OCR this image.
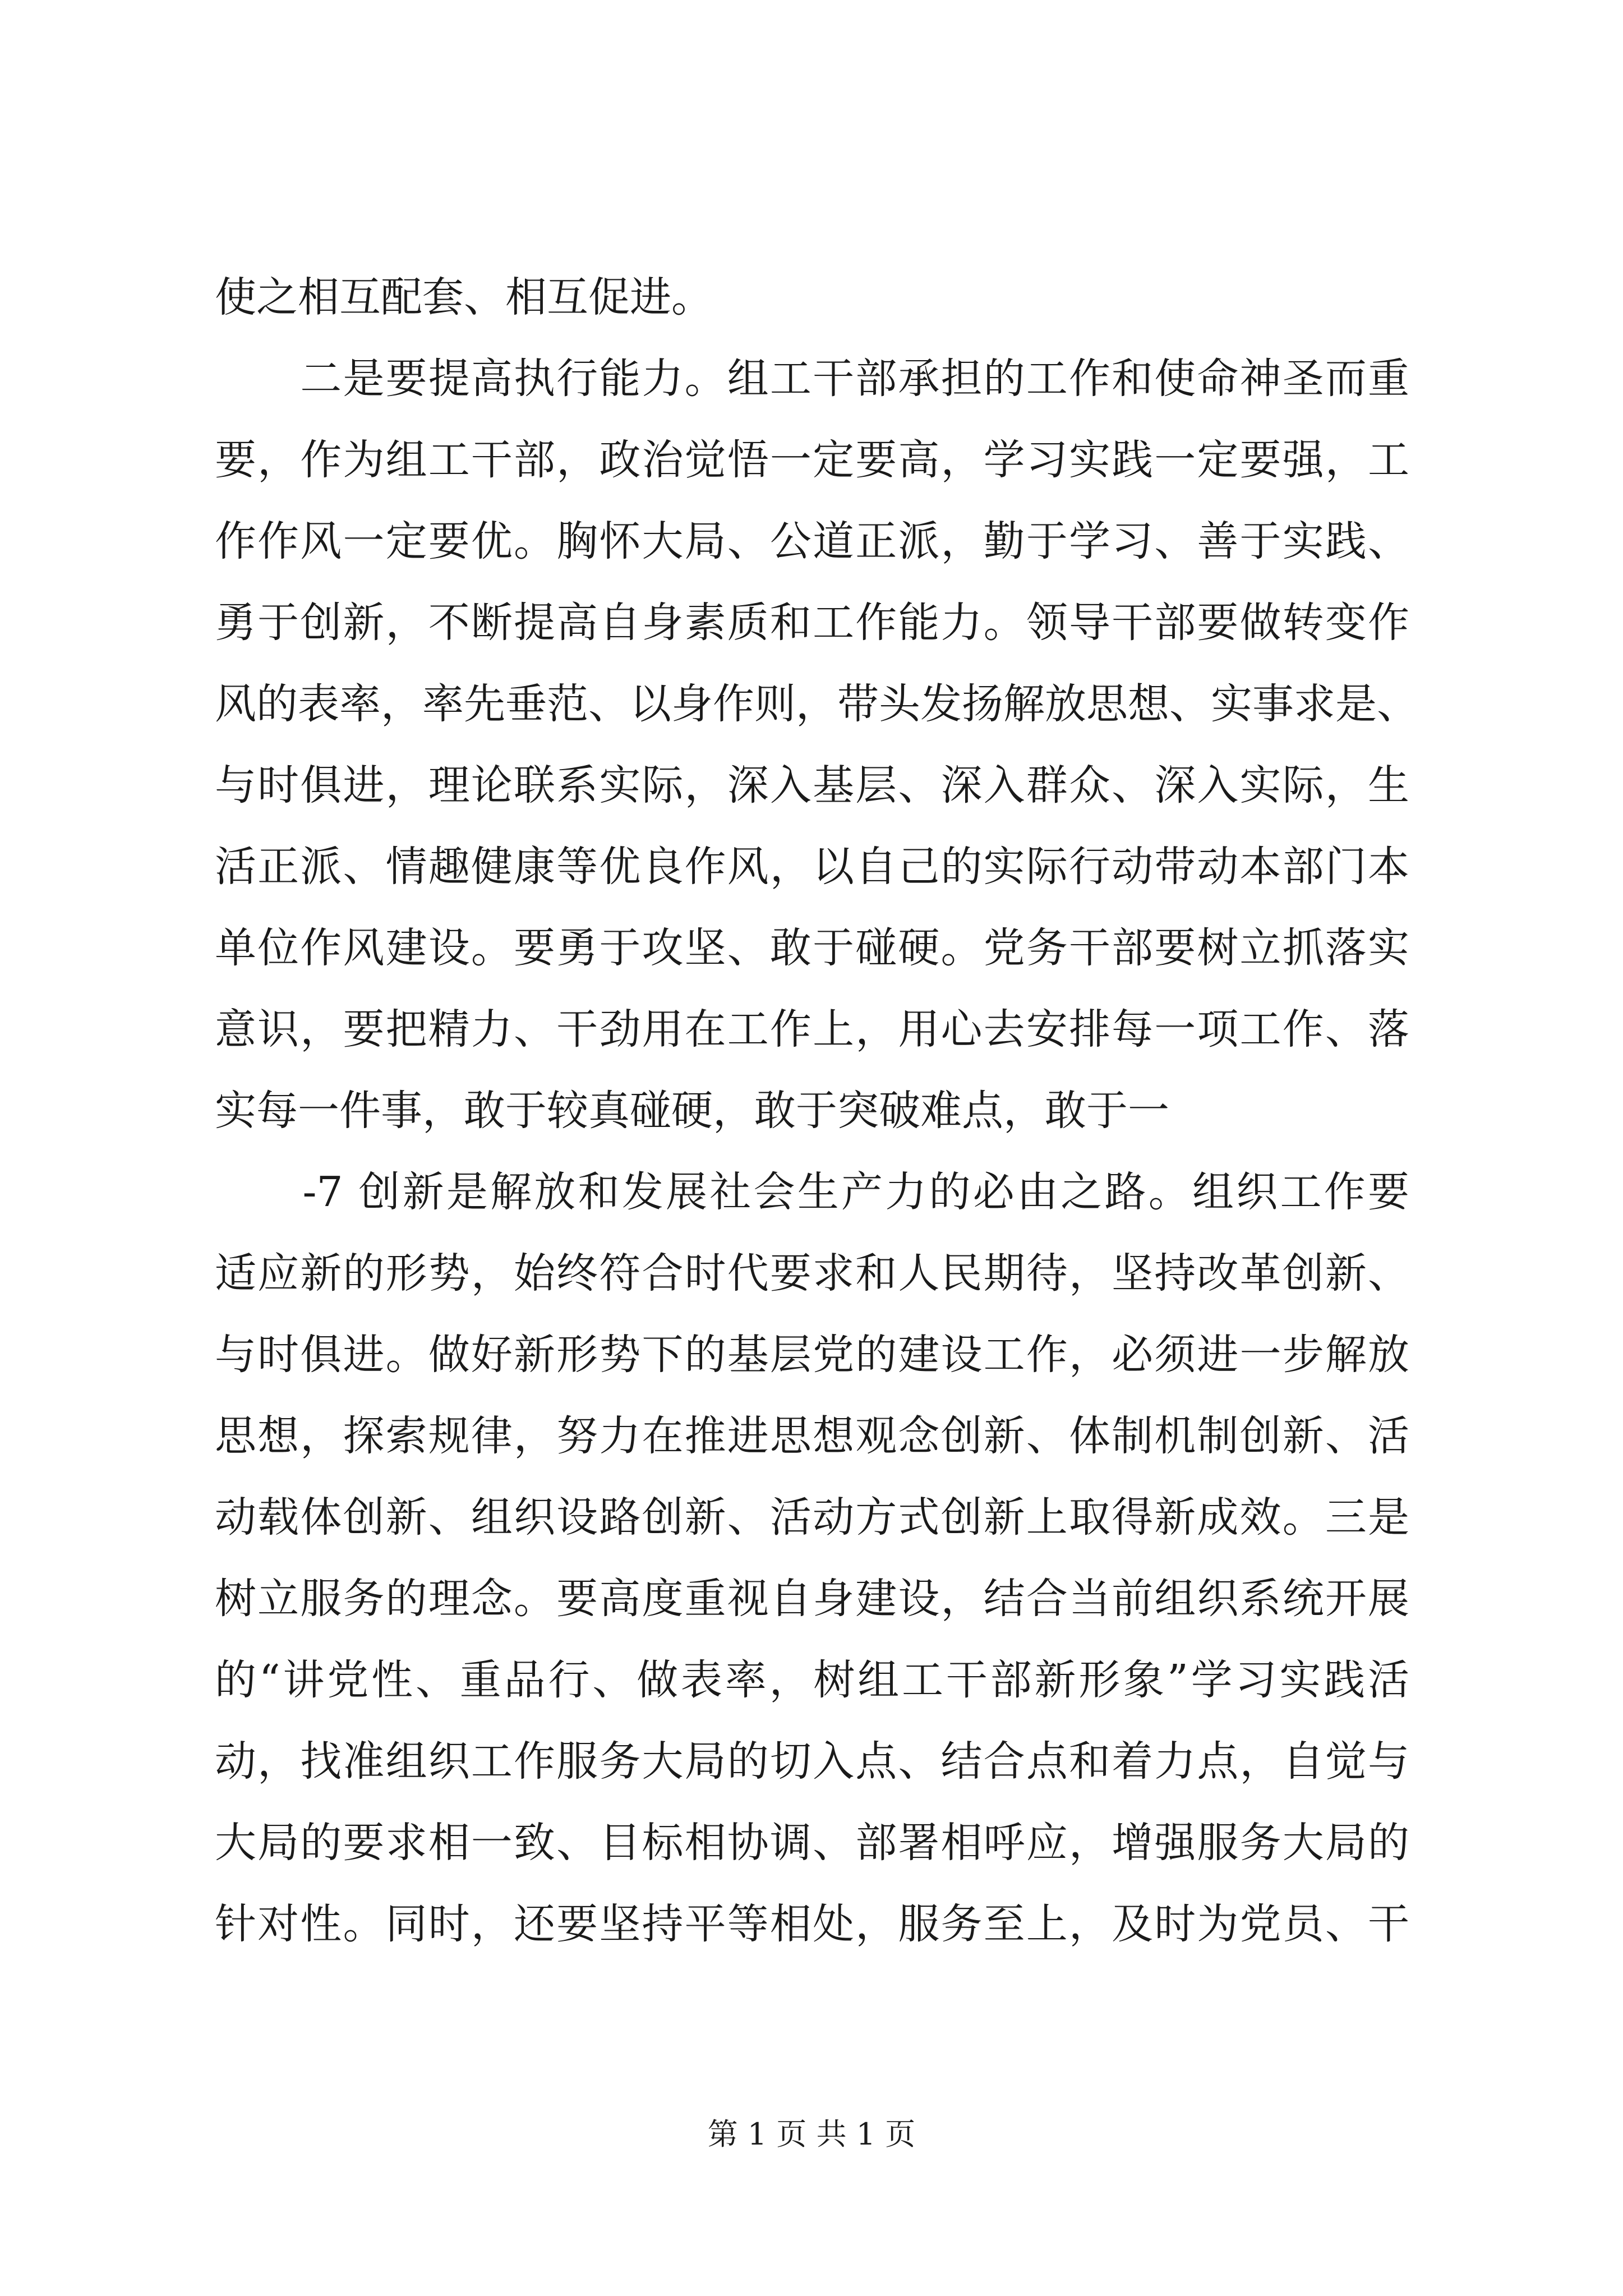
使之相互配套、相互促进。
　　二是要提高执行能力。组工干部承担的工作和使命神圣而重
要，作为组工干部，政治觉悟一定要高，学习实践一定要强，工
作作风一定要优。胸怀大局、公道正派，勤于学习、善于实践、
勇于创新，不断提高自身素质和工作能力。领导干部要做转变作
风的表率，率先垂范、以身作则，带头发扬解放思想、实事求是、
与时俱进，理论联系实际，深入基层、深入群众、深入实际，生
活正派、情趣健康等优良作风，以自己的实际行动带动本部门本
单位作风建设。要勇于攻坚、敢于碰硬。党务干部要树立抓落实
意识，要把精力、干劲用在工作上，用心去安排每一项工作、落
实每一件事，敢于较真碰硬，敢于突破难点，敢于一
　　-7 创新是解放和发展社会生产力的必由之路。组织工作要
适应新的形势，始终符合时代要求和人民期待，坚持改革创新、
与时俱进。做好新形势下的基层党的建设工作，必须进一步解放
思想，探索规律，努力在推进思想观念创新、体制机制创新、活
动载体创新、组织设路创新、活动方式创新上取得新成效。三是
树立服务的理念。要高度重视自身建设，结合当前组织系统开展
的“讲党性、重品行、做表率，树组工干部新形象”学习实践活
动，找准组织工作服务大局的切入点、结合点和着力点，自觉与
大局的要求相一致、目标相协调、部署相呼应，增强服务大局的
针对性。同时，还要坚持平等相处，服务至上，及时为党员、干
第 1 页 共 1 页
